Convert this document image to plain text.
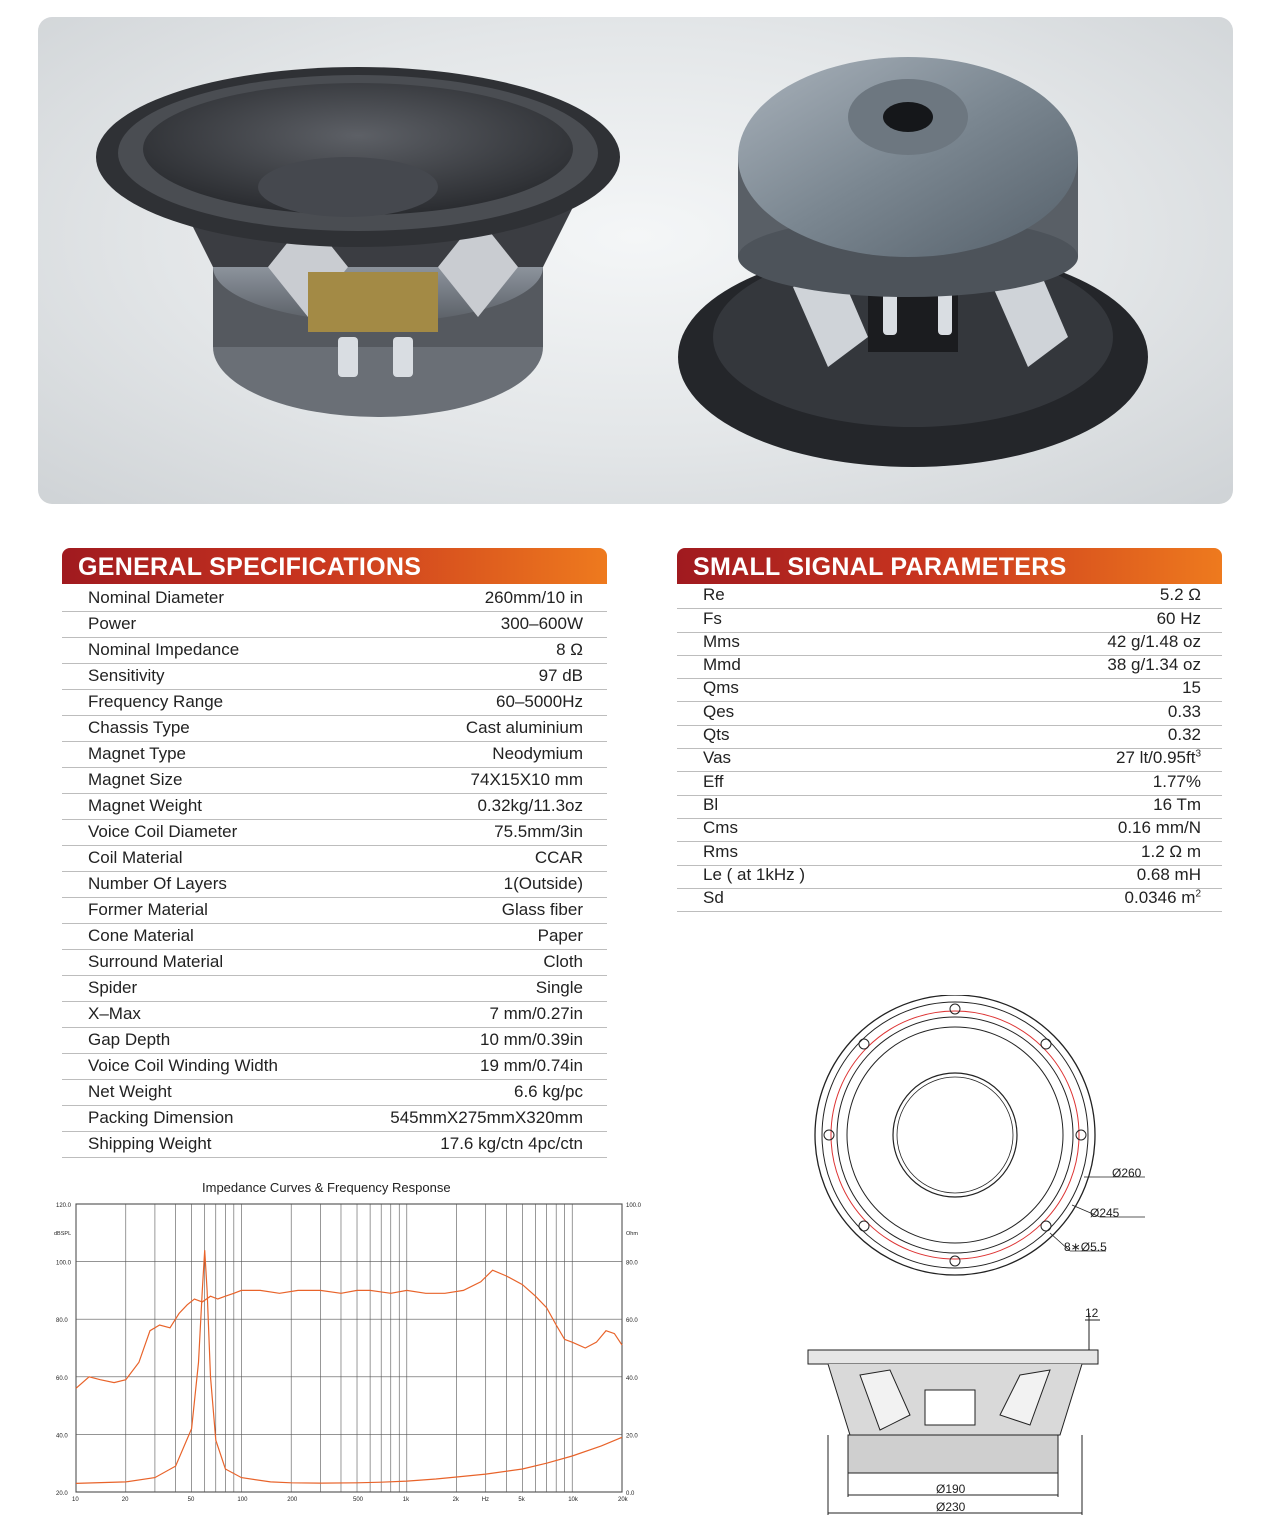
GENERAL SPECIFICATIONS
Nominal Diameter	260mm/10 in
Power	300–600W
Nominal Impedance	8 Ω
Sensitivity	97 dB
Frequency Range	60–5000Hz
Chassis Type	Cast aluminium
Magnet Type	Neodymium
Magnet Size	74X15X10 mm
Magnet Weight	0.32kg/11.3oz
Voice Coil Diameter	75.5mm/3in
Coil Material	CCAR
Number Of Layers	1(Outside)
Former Material	Glass fiber
Cone Material	Paper
Surround Material	Cloth
Spider	Single
X–Max	7 mm/0.27in
Gap Depth	10 mm/0.39in
Voice Coil Winding Width	19 mm/0.74in
Net Weight	6.6 kg/pc
Packing Dimension	545mmX275mmX320mm
Shipping Weight	17.6 kg/ctn 4pc/ctn
SMALL SIGNAL PARAMETERS
Re	5.2 Ω
Fs	60 Hz
Mms	42 g/1.48 oz
Mmd	38 g/1.34 oz
Qms	15
Qes	0.33
Qts	0.32
Vas	27 $lt/0.95ft^3$
Eff	1.77%
Bl	16 Tm
Cms	0.16 mm/N
Rms	1.2 Ω m
Le ( at 1kHz )	0.68 mH
Sd	0.0346 $m^2$
Impedance Curves & Frequency Response
120.0
100.0
80.0
60.0
40.0
20.0
100.0
80.0
60.0
40.0
20.0
0.0
dBSPL	Ohm
10	20	50	100	200	500	1k	2k	Hz	5k	10k	20k
Ø260
Ø245
8∗Ø5.5
12
Ø190
Ø230
